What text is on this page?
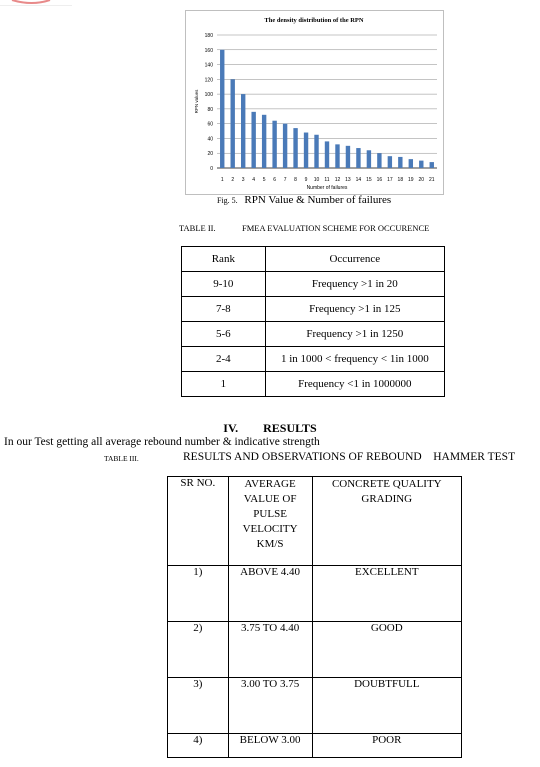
The density distribution of the RPN
0
20
40
60
80
100
120
140
160
180
1 2 3 4 5 6 7 8 9 10 11 12 13 14 15 16 17 18 19 20 21
Number of failures
RPN values
Fig. 5. RPN Value & Number of failures
TABLE II.	FMEA EVALUATION SCHEME FOR OCCURENCE
Rank	Occurrence
9-10	Frequency >1 in 20
7-8	Frequency >1 in 125
5-6	Frequency >1 in 1250
2-4	1 in 1000 < frequency < 1in 1000
1	Frequency <1 in 1000000
IV. RESULTS
In our Test getting all average rebound number & indicative strength
TABLE III.	RESULTS AND OBSERVATIONS OF REBOUND    HAMMER TEST
SR NO.	AVERAGE VALUE OF PULSE VELOCITY KM/S	CONCRETE QUALITY GRADING
1)	ABOVE 4.40	EXCELLENT
2)	3.75 TO 4.40	GOOD
3)	3.00 TO 3.75	DOUBTFULL
4)	BELOW 3.00	POOR
